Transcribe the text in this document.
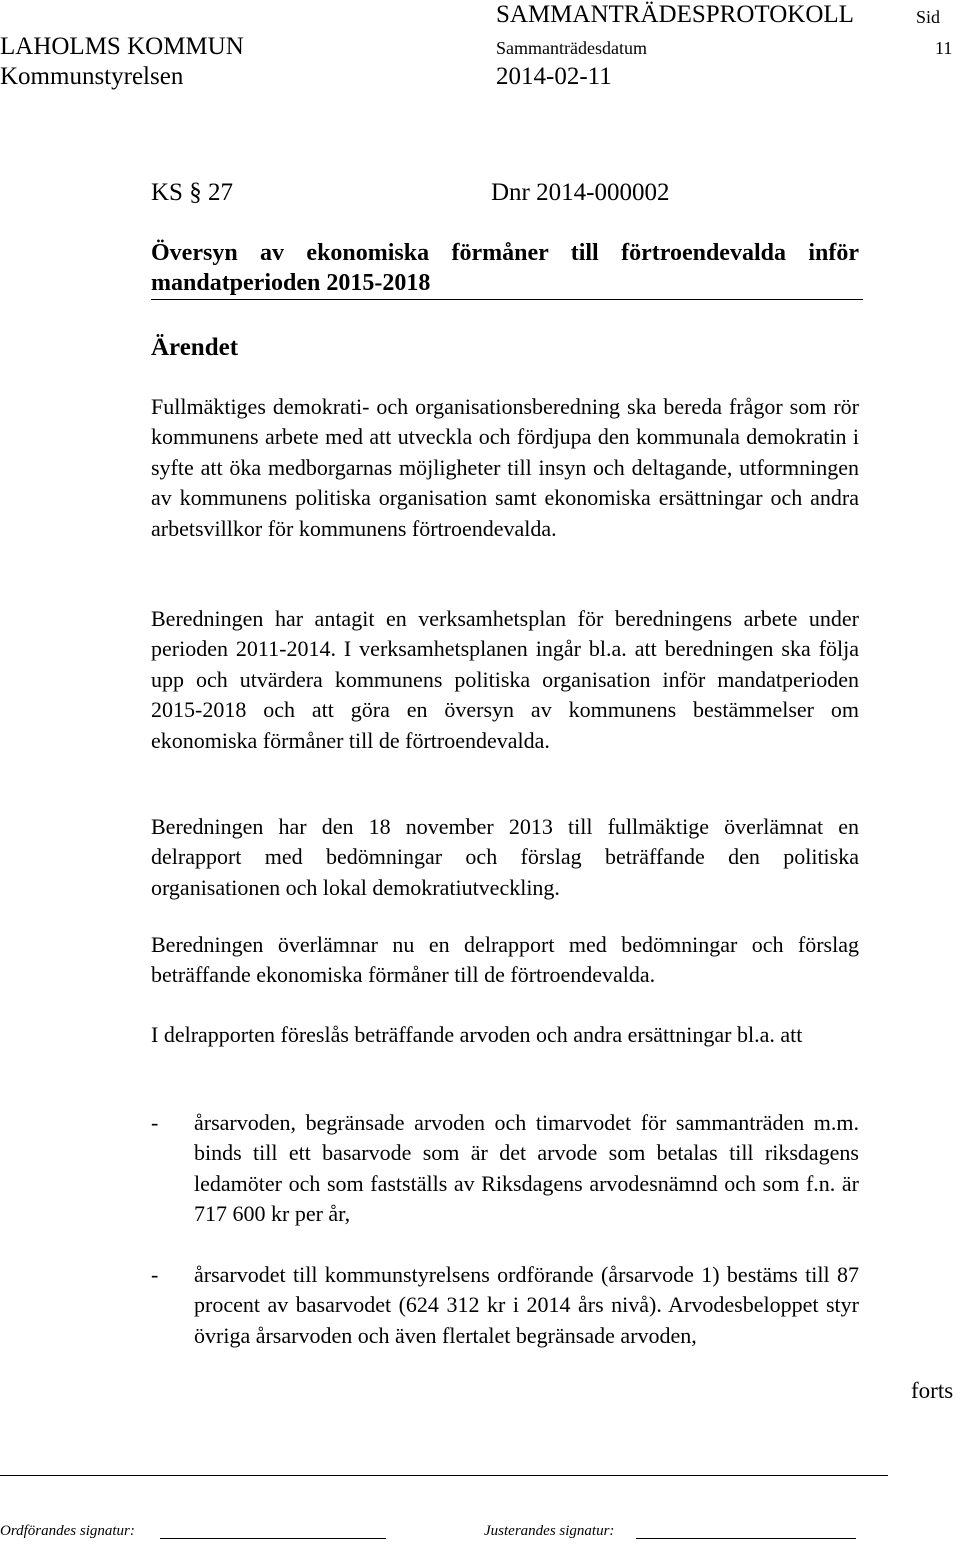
SAMMANTRÄDESPROTOKOLL	Sid
LAHOLMS KOMMUN	Sammanträdesdatum	11
Kommunstyrelsen	2014-02-11
KS § 27	Dnr 2014-000002
Översyn av ekonomiska förmåner till förtroendevalda inför
mandatperioden 2015-2018
Ärendet
Fullmäktiges demokrati- och organisationsberedning ska bereda frågor som rör kommunens arbete med att utveckla och fördjupa den kommunala demokratin i syfte att öka medborgarnas möjligheter till insyn och deltagande, utformningen av kommunens politiska organisation samt ekonomiska ersättningar och andra arbetsvillkor för kommunens förtroendevalda.
Beredningen har antagit en verksamhetsplan för beredningens arbete under perioden 2011-2014. I verksamhetsplanen ingår bl.a. att beredningen ska följa upp och utvärdera kommunens politiska organisation inför mandatperioden 2015-2018 och att göra en översyn av kommunens bestämmelser om ekonomiska förmåner till de förtroendevalda.
Beredningen har den 18 november 2013 till fullmäktige överlämnat en delrapport med bedömningar och förslag beträffande den politiska organisationen och lokal demokratiutveckling.
Beredningen överlämnar nu en delrapport med bedömningar och förslag beträffande ekonomiska förmåner till de förtroendevalda.
I delrapporten föreslås beträffande arvoden och andra ersättningar bl.a. att
- årsarvoden, begränsade arvoden och timarvodet för sammanträden m.m. binds till ett basarvode som är det arvode som betalas till riksdagens ledamöter och som fastställs av Riksdagens arvodesnämnd och som f.n. är 717 600 kr per år,
- årsarvodet till kommunstyrelsens ordförande (årsarvode 1) bestäms till 87 procent av basarvodet (624 312 kr i 2014 års nivå). Arvodesbeloppet styr övriga årsarvoden och även flertalet begränsade arvoden,
forts
Ordförandes signatur:	Justerandes signatur:
